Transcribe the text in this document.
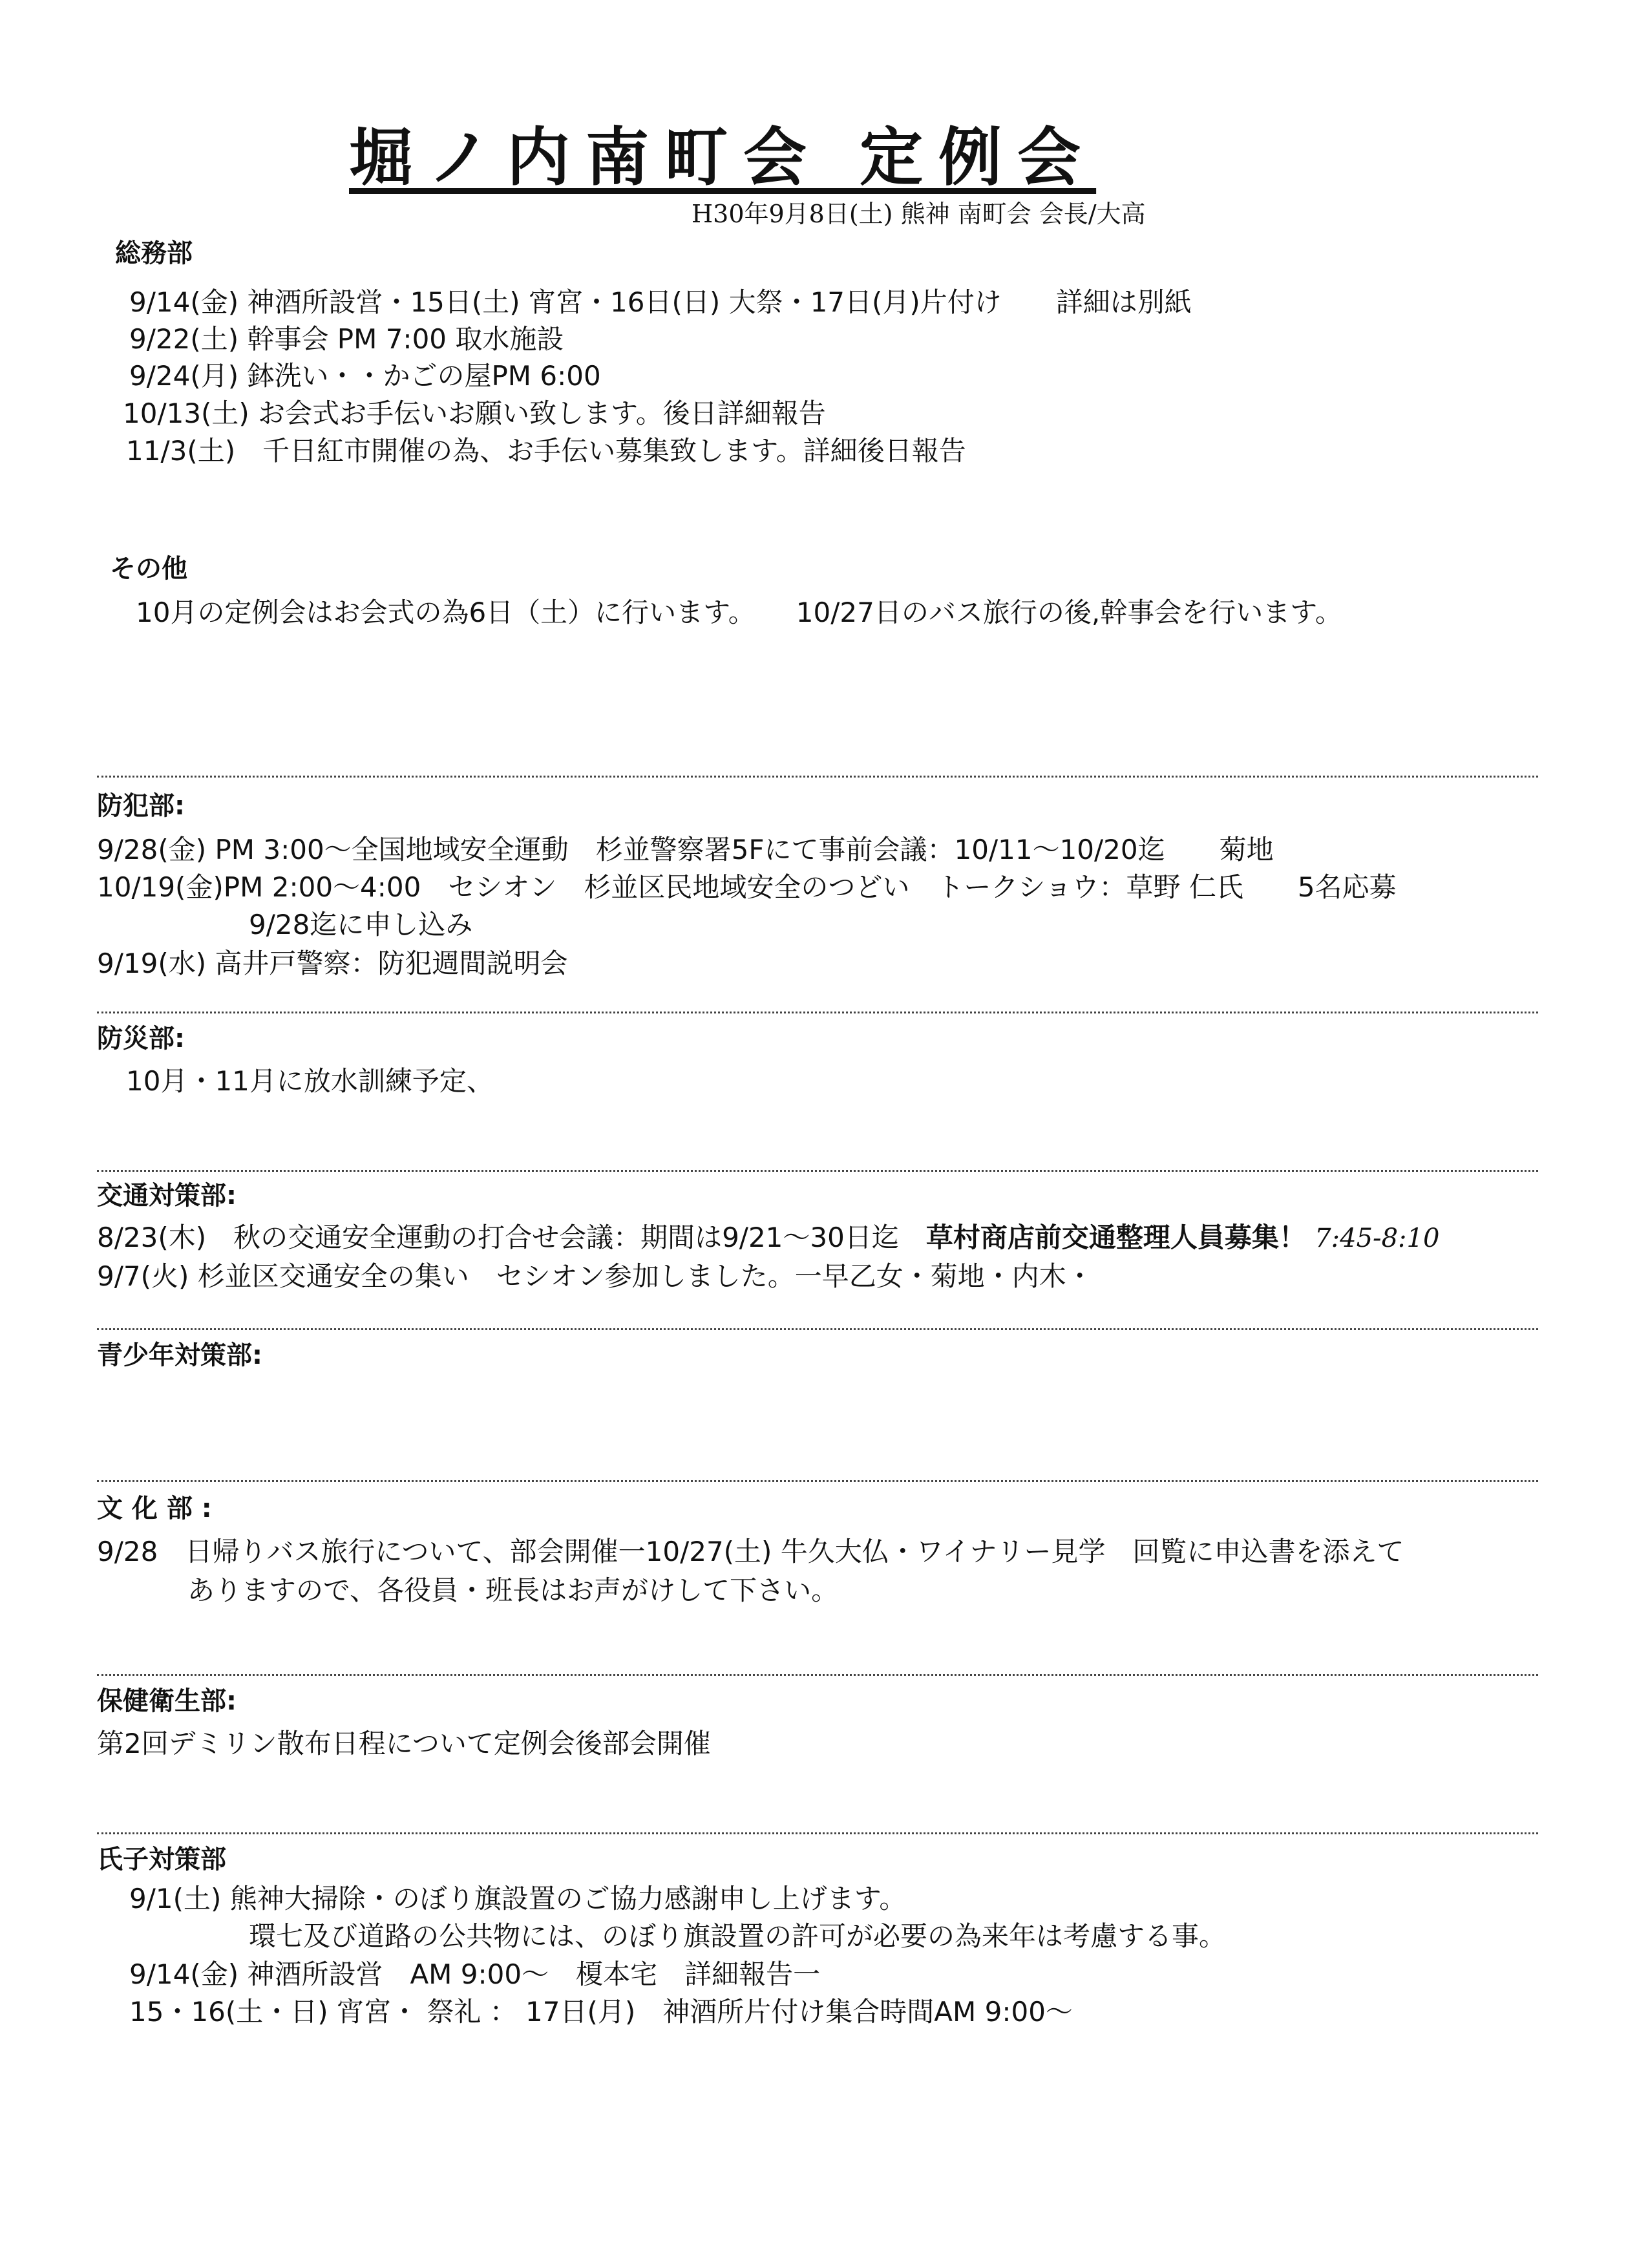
堀ノ内南町会 定例会
H30年9月8日(土) 熊神 南町会 会長/大高
総務部
9/14(金) 神酒所設営・15日(土) 宵宮・16日(日) 大祭・17日(月)片付け　　詳細は別紙
9/22(土) 幹事会 PM 7:00 取水施設
9/24(月) 鉢洗い・・かごの屋PM 6:00
10/13(土) お会式お手伝いお願い致します。後日詳細報告
11/3(土)　千日紅市開催の為、お手伝い募集致します。詳細後日報告
その他
10月の定例会はお会式の為6日（土）に行います。　　10/27日のバス旅行の後,幹事会を行います。
防犯部:
9/28(金) PM 3:00〜全国地域安全運動　杉並警察署5Fにて事前会議：10/11〜10/20迄　　菊地
10/19(金)PM 2:00〜4:00　セシオン　杉並区民地域安全のつどい　トークショウ：草野 仁氏　　5名応募
9/28迄に申し込み
9/19(水) 高井戸警察：防犯週間説明会
防災部:
10月・11月に放水訓練予定、
交通対策部:
8/23(木)　秋の交通安全運動の打合せ会議：期間は9/21〜30日迄　草村商店前交通整理人員募集！ 7:45-8:10
9/7(火) 杉並区交通安全の集い　セシオン参加しました。一早乙女・菊地・内木・
青少年対策部:
文 化 部 :
9/28　日帰りバス旅行について、部会開催一10/27(土) 牛久大仏・ワイナリー見学　回覧に申込書を添えて
ありますので、各役員・班長はお声がけして下さい。
保健衛生部:
第2回デミリン散布日程について定例会後部会開催
氏子対策部
9/1(土) 熊神大掃除・のぼり旗設置のご協力感謝申し上げます。
環七及び道路の公共物には、のぼり旗設置の許可が必要の為来年は考慮する事。
9/14(金) 神酒所設営　AM 9:00〜　榎本宅　詳細報告一
15・16(土・日) 宵宮・ 祭礼 ： 17日(月)　神酒所片付け集合時間AM 9:00〜
